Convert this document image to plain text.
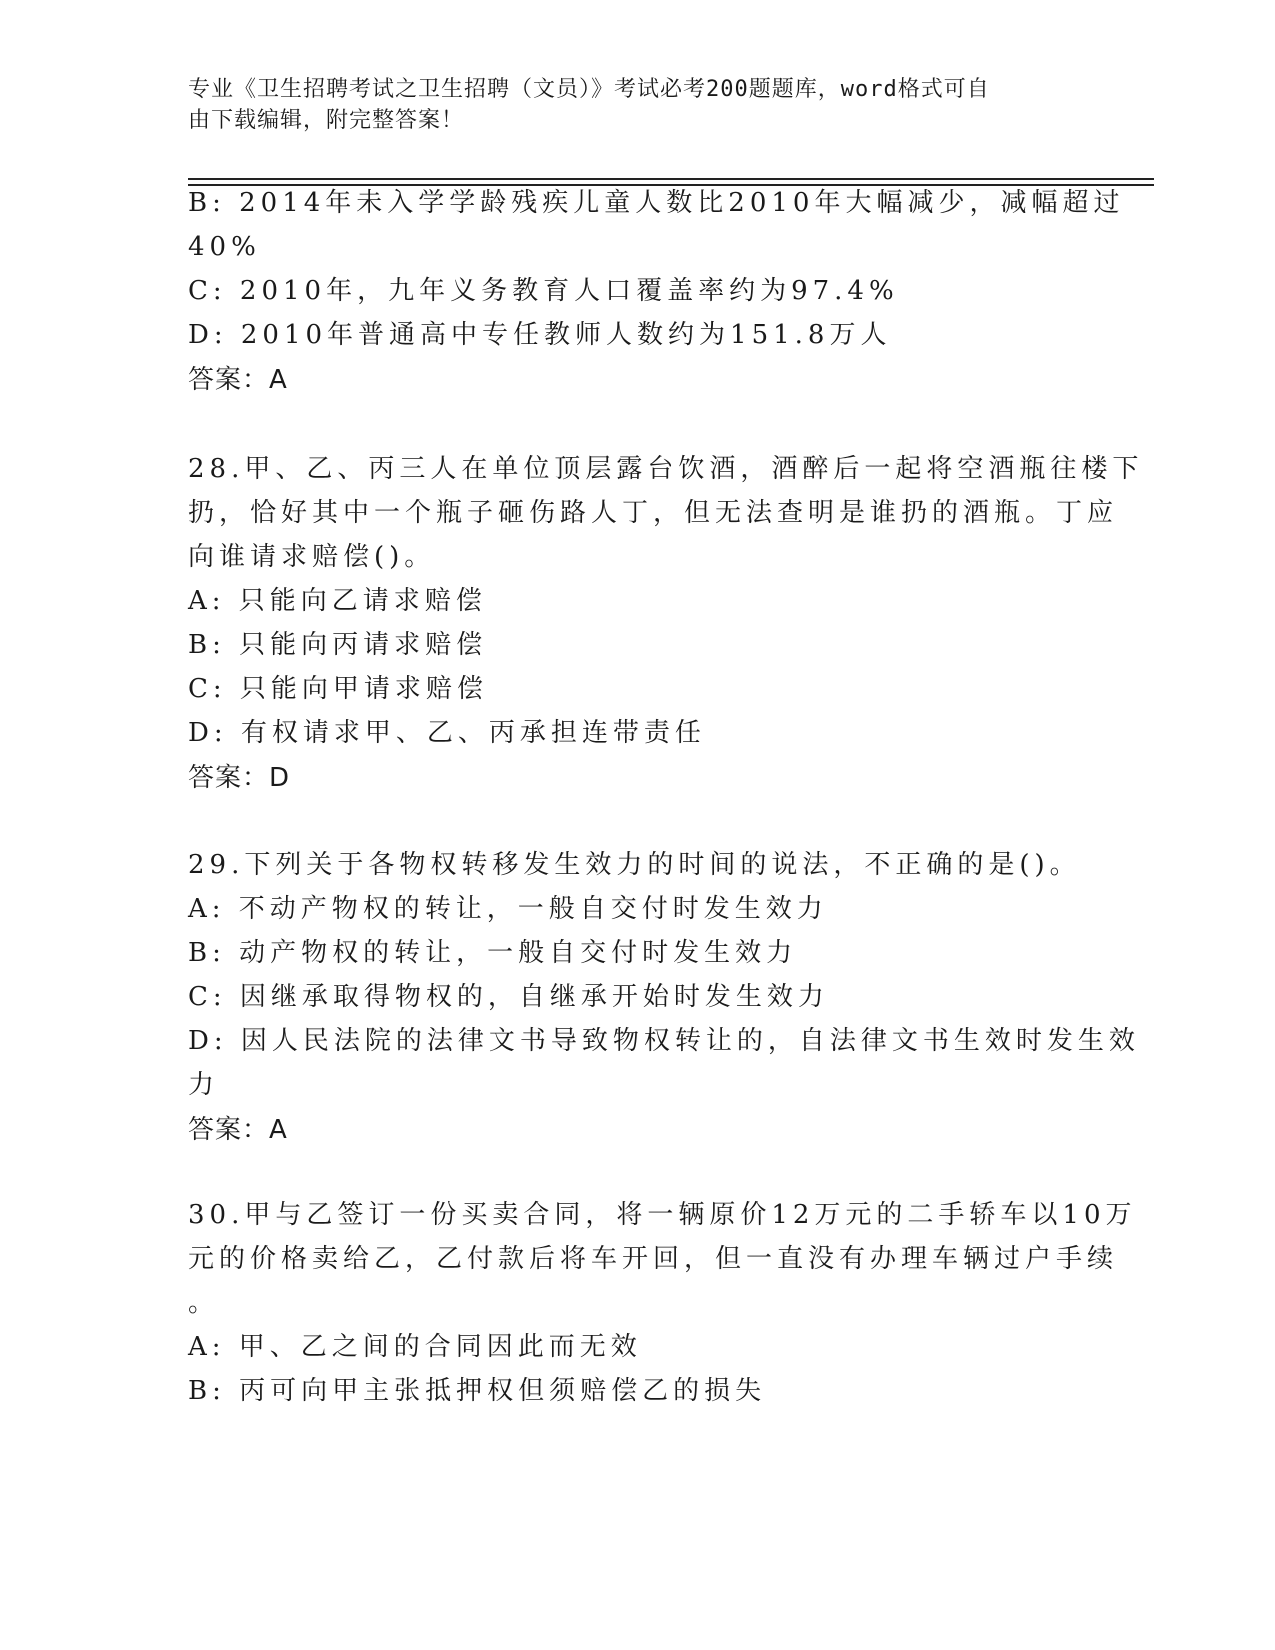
专业《卫生招聘考试之卫生招聘（文员）》考试必考200题题库，word格式可自
由下载编辑，附完整答案！
B: 2014年未入学学龄残疾儿童人数比2010年大幅减少，减幅超过
40%
C: 2010年，九年义务教育人口覆盖率约为97.4%
D: 2010年普通高中专任教师人数约为151.8万人
答案：A
28.甲、乙、丙三人在单位顶层露台饮酒，酒醉后一起将空酒瓶往楼下
扔，恰好其中一个瓶子砸伤路人丁，但无法查明是谁扔的酒瓶。丁应
向谁请求赔偿()。
A: 只能向乙请求赔偿
B: 只能向丙请求赔偿
C: 只能向甲请求赔偿
D: 有权请求甲、乙、丙承担连带责任
答案：D
29.下列关于各物权转移发生效力的时间的说法，不正确的是()。
A: 不动产物权的转让，一般自交付时发生效力
B: 动产物权的转让，一般自交付时发生效力
C: 因继承取得物权的，自继承开始时发生效力
D: 因人民法院的法律文书导致物权转让的，自法律文书生效时发生效
力
答案：A
30.甲与乙签订一份买卖合同，将一辆原价12万元的二手轿车以10万
元的价格卖给乙，乙付款后将车开回，但一直没有办理车辆过户手续
。
A: 甲、乙之间的合同因此而无效
B: 丙可向甲主张抵押权但须赔偿乙的损失
